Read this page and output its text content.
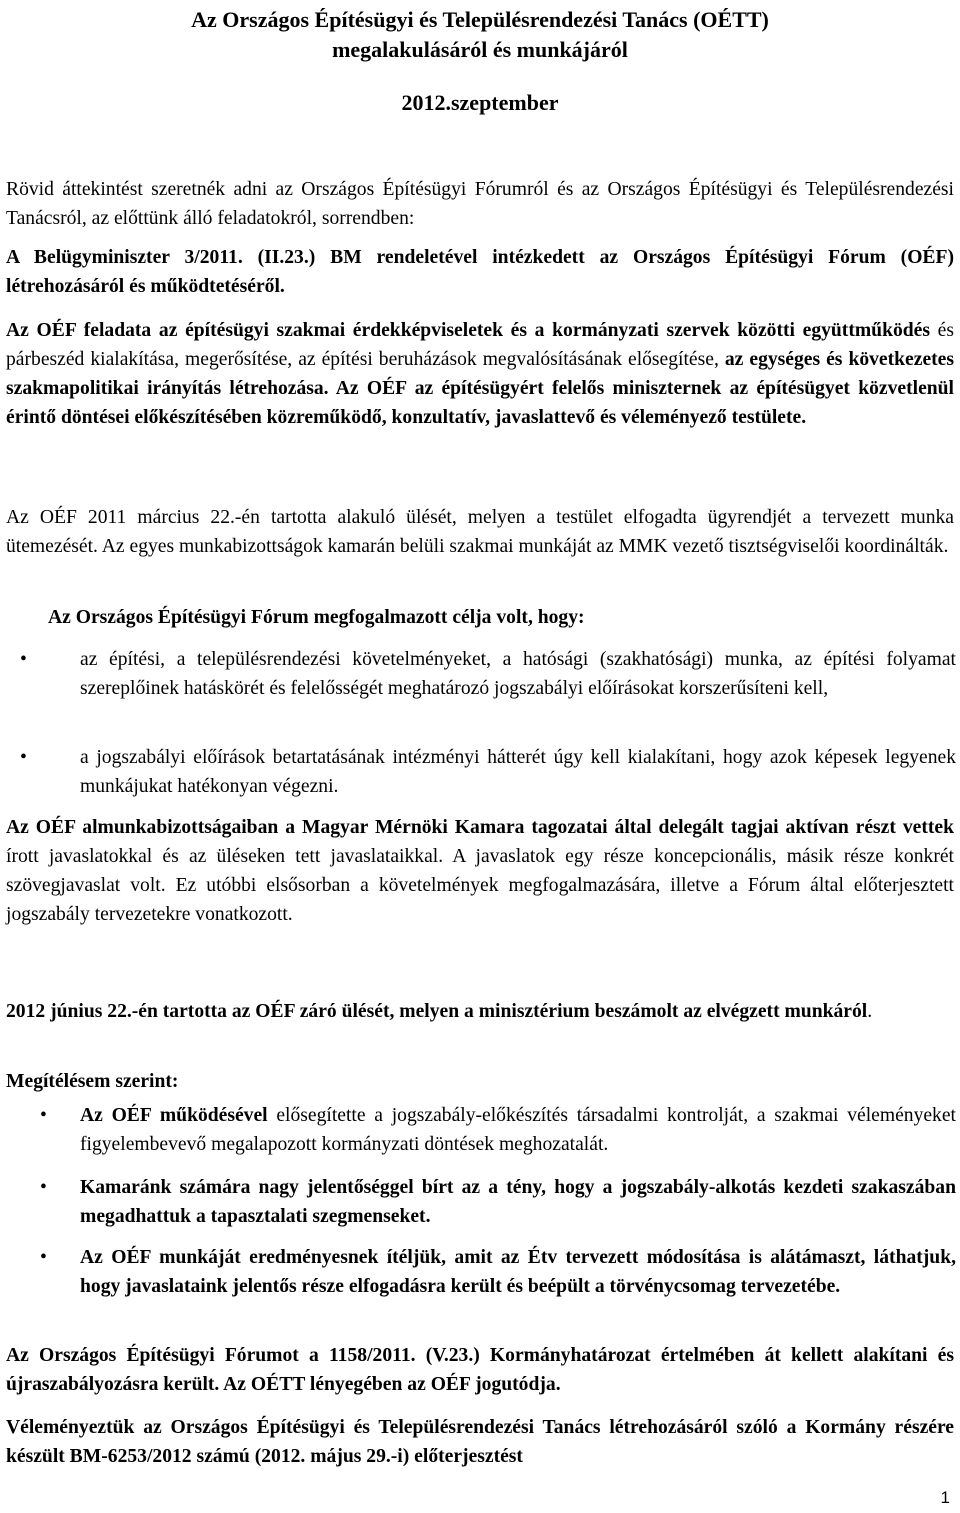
Az Országos Építésügyi és Településrendezési Tanács (OÉTT)
megalakulásáról és munkájáról

2012.szeptember

Rövid áttekintést szeretnék adni az Országos Építésügyi Fórumról és az Országos Építésügyi és Településrendezési Tanácsról, az előttünk álló feladatokról, sorrendben:

A Belügyminiszter 3/2011. (II.23.) BM rendeletével intézkedett az Országos Építésügyi Fórum (OÉF) létrehozásáról és működtetéséről.

Az OÉF feladata az építésügyi szakmai érdekképviseletek és a kormányzati szervek közötti együttműködés és párbeszéd kialakítása, megerősítése, az építési beruházások megvalósításának elősegítése, az egységes és következetes szakmapolitikai irányítás létrehozása. Az OÉF az építésügyért felelős miniszternek az építésügyet közvetlenül érintő döntései előkészítésében közreműködő, konzultatív, javaslattevő és véleményező testülete.

Az OÉF 2011 március 22.-én tartotta alakuló ülését, melyen a testület elfogadta ügyrendjét a tervezett munka ütemezését. Az egyes munkabizottságok kamarán belüli szakmai munkáját az MMK vezető tisztségviselői koordinálták.

Az Országos Építésügyi Fórum megfogalmazott célja volt, hogy:

•	az építési, a településrendezési követelményeket, a hatósági (szakhatósági) munka, az építési folyamat szereplőinek hatáskörét és felelősségét meghatározó jogszabályi előírásokat korszerűsíteni kell,

•	a jogszabályi előírások betartatásának intézményi hátterét úgy kell kialakítani, hogy azok képesek legyenek munkájukat hatékonyan végezni.

Az OÉF almunkabizottságaiban a Magyar Mérnöki Kamara tagozatai által delegált tagjai aktívan részt vettek írott javaslatokkal és az üléseken tett javaslataikkal. A javaslatok egy része koncepcionális, másik része konkrét szövegjavaslat volt. Ez utóbbi elsősorban a követelmények megfogalmazására, illetve a Fórum által előterjesztett jogszabály tervezetekre vonatkozott.

2012 június 22.-én tartotta az OÉF záró ülését, melyen a minisztérium beszámolt az elvégzett munkáról.

Megítélésem szerint:

• Az OÉF működésével elősegítette a jogszabály-előkészítés társadalmi kontrolját, a szakmai véleményeket figyelembevevő megalapozott kormányzati döntések meghozatalát.

• Kamaránk számára nagy jelentőséggel bírt az a tény, hogy a jogszabály-alkotás kezdeti szakaszában megadhattuk a tapasztalati szegmenseket.

• Az OÉF munkáját eredményesnek ítéljük, amit az Étv tervezett módosítása is alátámaszt, láthatjuk, hogy javaslataink jelentős része elfogadásra került és beépült a törvénycsomag tervezetébe.

Az Országos Építésügyi Fórumot a 1158/2011. (V.23.) Kormányhatározat értelmében át kellett alakítani és újraszabályozásra került. Az OÉTT lényegében az OÉF jogutódja.

Véleményeztük az Országos Építésügyi és Településrendezési Tanács létrehozásáról szóló a Kormány részére készült BM-6253/2012 számú (2012. május 29.-i) előterjesztést

1
